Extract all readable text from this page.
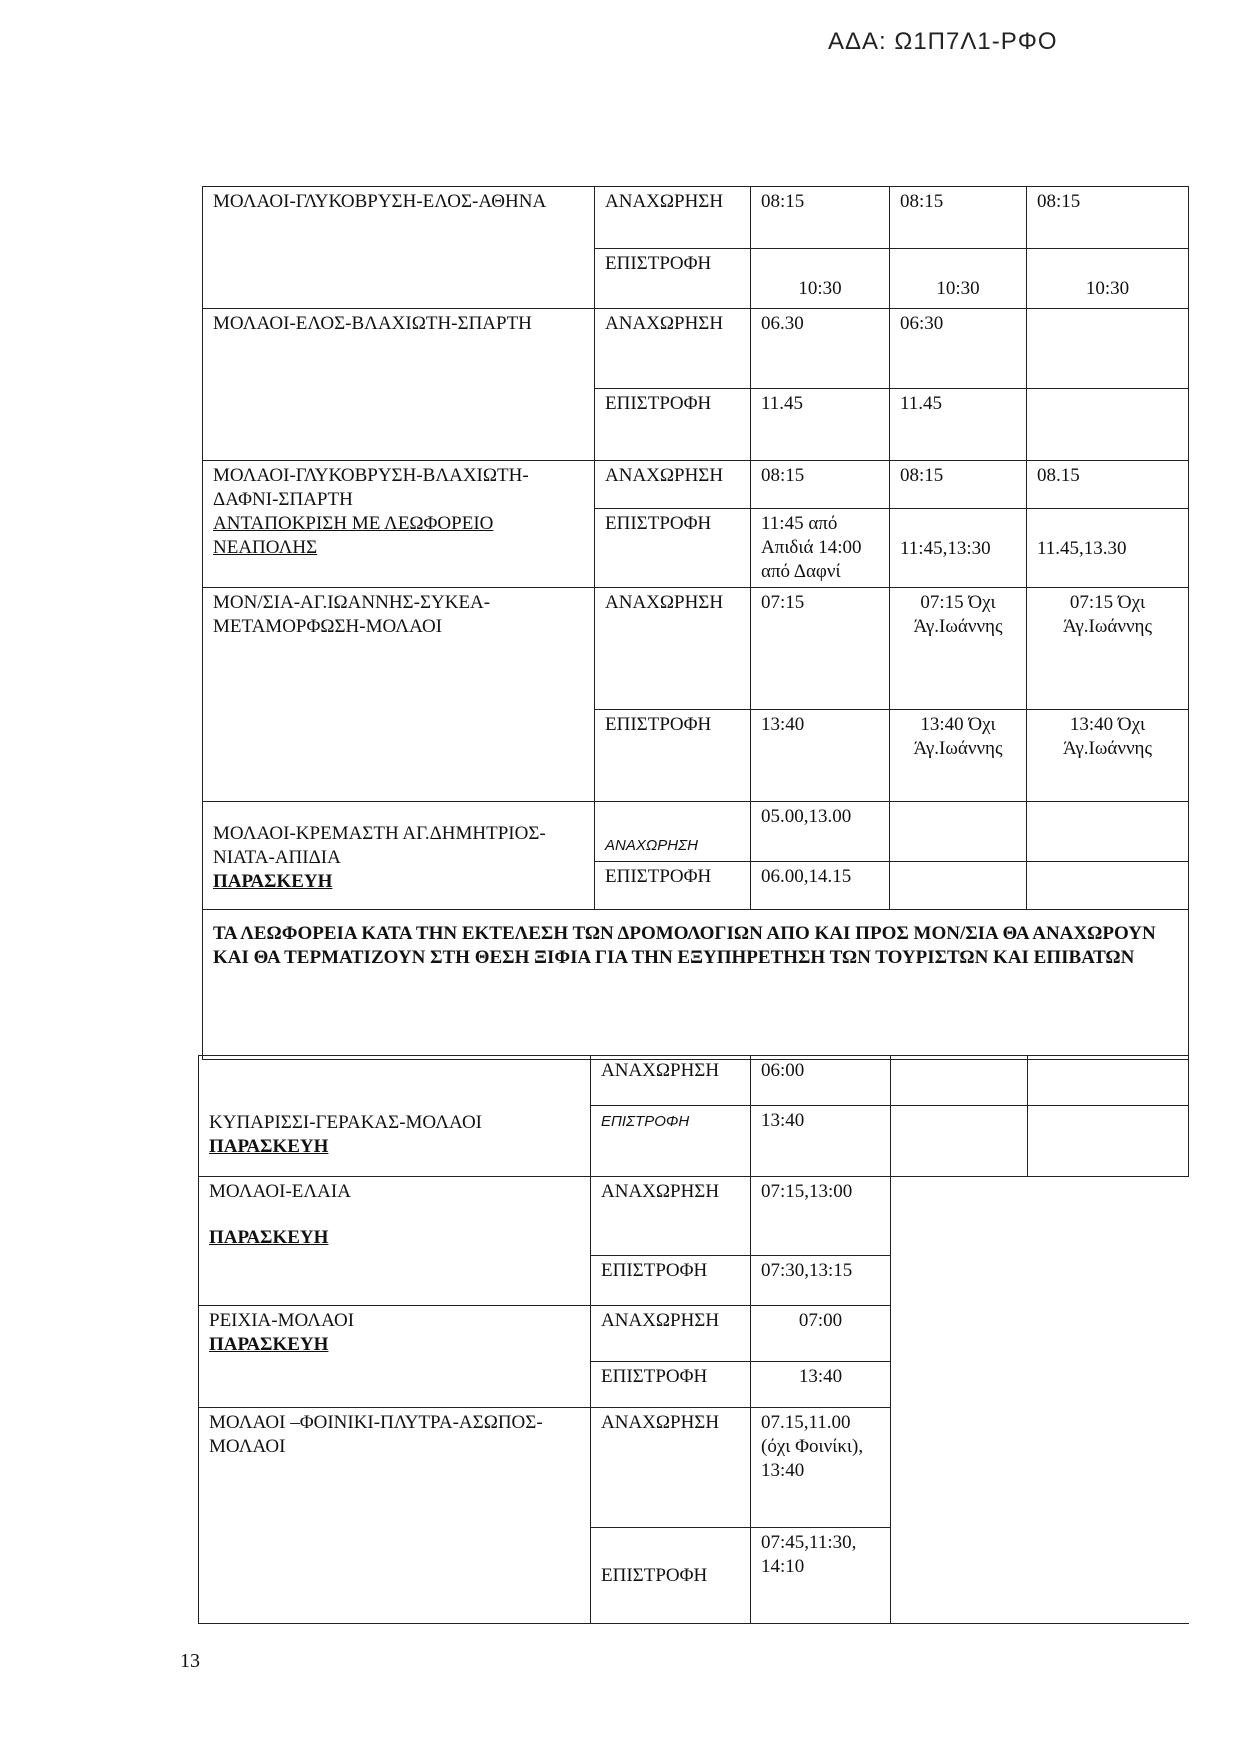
ΑΔΑ: Ω1Π7Λ1-ΡΦΟ
ΜΟΛΑΟΙ-ΓΛΥΚΟΒΡΥΣΗ-ΕΛΟΣ-ΑΘΗΝΑ	ΑΝΑΧΩΡΗΣΗ	08:15	08:15	08:15
	ΕΠΙΣΤΡΟΦΗ	10:30	10:30	10:30
ΜΟΛΑΟΙ-ΕΛΟΣ-ΒΛΑΧΙΩΤΗ-ΣΠΑΡΤΗ	ΑΝΑΧΩΡΗΣΗ	06.30	06:30	
	ΕΠΙΣΤΡΟΦΗ	11.45	11.45	

ΜΟΛΑΟΙ-ΓΛΥΚΟΒΡΥΣΗ-ΒΛΑΧΙΩΤΗ-ΔΑΦΝΙ-ΣΠΑΡΤΗ
ΑΝΤΑΠΟΚΡΙΣΗ ΜΕ ΛΕΩΦΟΡΕΙΟ ΝΕΑΠΟΛΗΣ	ΑΝΑΧΩΡΗΣΗ	08:15	08:15	08.15
	ΕΠΙΣΤΡΟΦΗ	11:45 από Απιδιά 14:00 από Δαφνί	11:45,13:30	11.45,13.30
ΜΟΝ/ΣΙΑ-ΑΓ.ΙΩΑΝΝΗΣ-ΣΥΚΕΑ-ΜΕΤΑΜΟΡΦΩΣΗ-ΜΟΛΑΟΙ	ΑΝΑΧΩΡΗΣΗ	07:15	07:15 Όχι Άγ.Ιωάννης	07:15 Όχι Άγ.Ιωάννης
	ΕΠΙΣΤΡΟΦΗ	13:40	13:40 Όχι Άγ.Ιωάννης	13:40 Όχι Άγ.Ιωάννης

ΜΟΛΑΟΙ-ΚΡΕΜΑΣΤΗ ΑΓ.ΔΗΜΗΤΡΙΟΣ-ΝΙΑΤΑ-ΑΠΙΔΙΑ
ΠΑΡΑΣΚΕΥΗ	ΑΝΑΧΩΡΗΣΗ	05.00,13.00		
	ΕΠΙΣΤΡΟΦΗ	06.00,14.15		
ΤΑ ΛΕΩΦΟΡΕΙΑ ΚΑΤΑ ΤΗΝ ΕΚΤΕΛΕΣΗ ΤΩΝ ΔΡΟΜΟΛΟΓΙΩΝ ΑΠΟ ΚΑΙ ΠΡΟΣ ΜΟΝ/ΣΙΑ ΘΑ ΑΝΑΧΩΡΟΥΝ ΚΑΙ ΘΑ ΤΕΡΜΑΤΙΖΟΥΝ ΣΤΗ ΘΕΣΗ ΞΙΦΙΑ ΓΙΑ ΤΗΝ ΕΞΥΠΗΡΕΤΗΣΗ ΤΩΝ ΤΟΥΡΙΣΤΩΝ ΚΑΙ ΕΠΙΒΑΤΩΝ				
ΚΥΠΑΡΙΣΣΙ-ΓΕΡΑΚΑΣ-ΜΟΛΑΟΙ
ΠΑΡΑΣΚΕΥΗ	ΑΝΑΧΩΡΗΣΗ	06:00		
	ΕΠΙΣΤΡΟΦΗ	13:40		

ΜΟΛΑΟΙ-ΕΛΑΙΑ
ΠΑΡΑΣΚΕΥΗ	ΑΝΑΧΩΡΗΣΗ	07:15,13:00		
	ΕΠΙΣΤΡΟΦΗ	07:30,13:15		

ΡΕΙΧΙΑ-ΜΟΛΑΟΙ
ΠΑΡΑΣΚΕΥΗ	ΑΝΑΧΩΡΗΣΗ	07:00		
	ΕΠΙΣΤΡΟΦΗ	13:40		
ΜΟΛΑΟΙ –ΦΟΙΝΙΚΙ-ΠΛΥΤΡΑ-ΑΣΩΠΟΣ-ΜΟΛΑΟΙ	ΑΝΑΧΩΡΗΣΗ	07.15,11.00 (όχι Φοινίκι), 13:40		
	ΕΠΙΣΤΡΟΦΗ	07:45,11:30, 14:10		
13
